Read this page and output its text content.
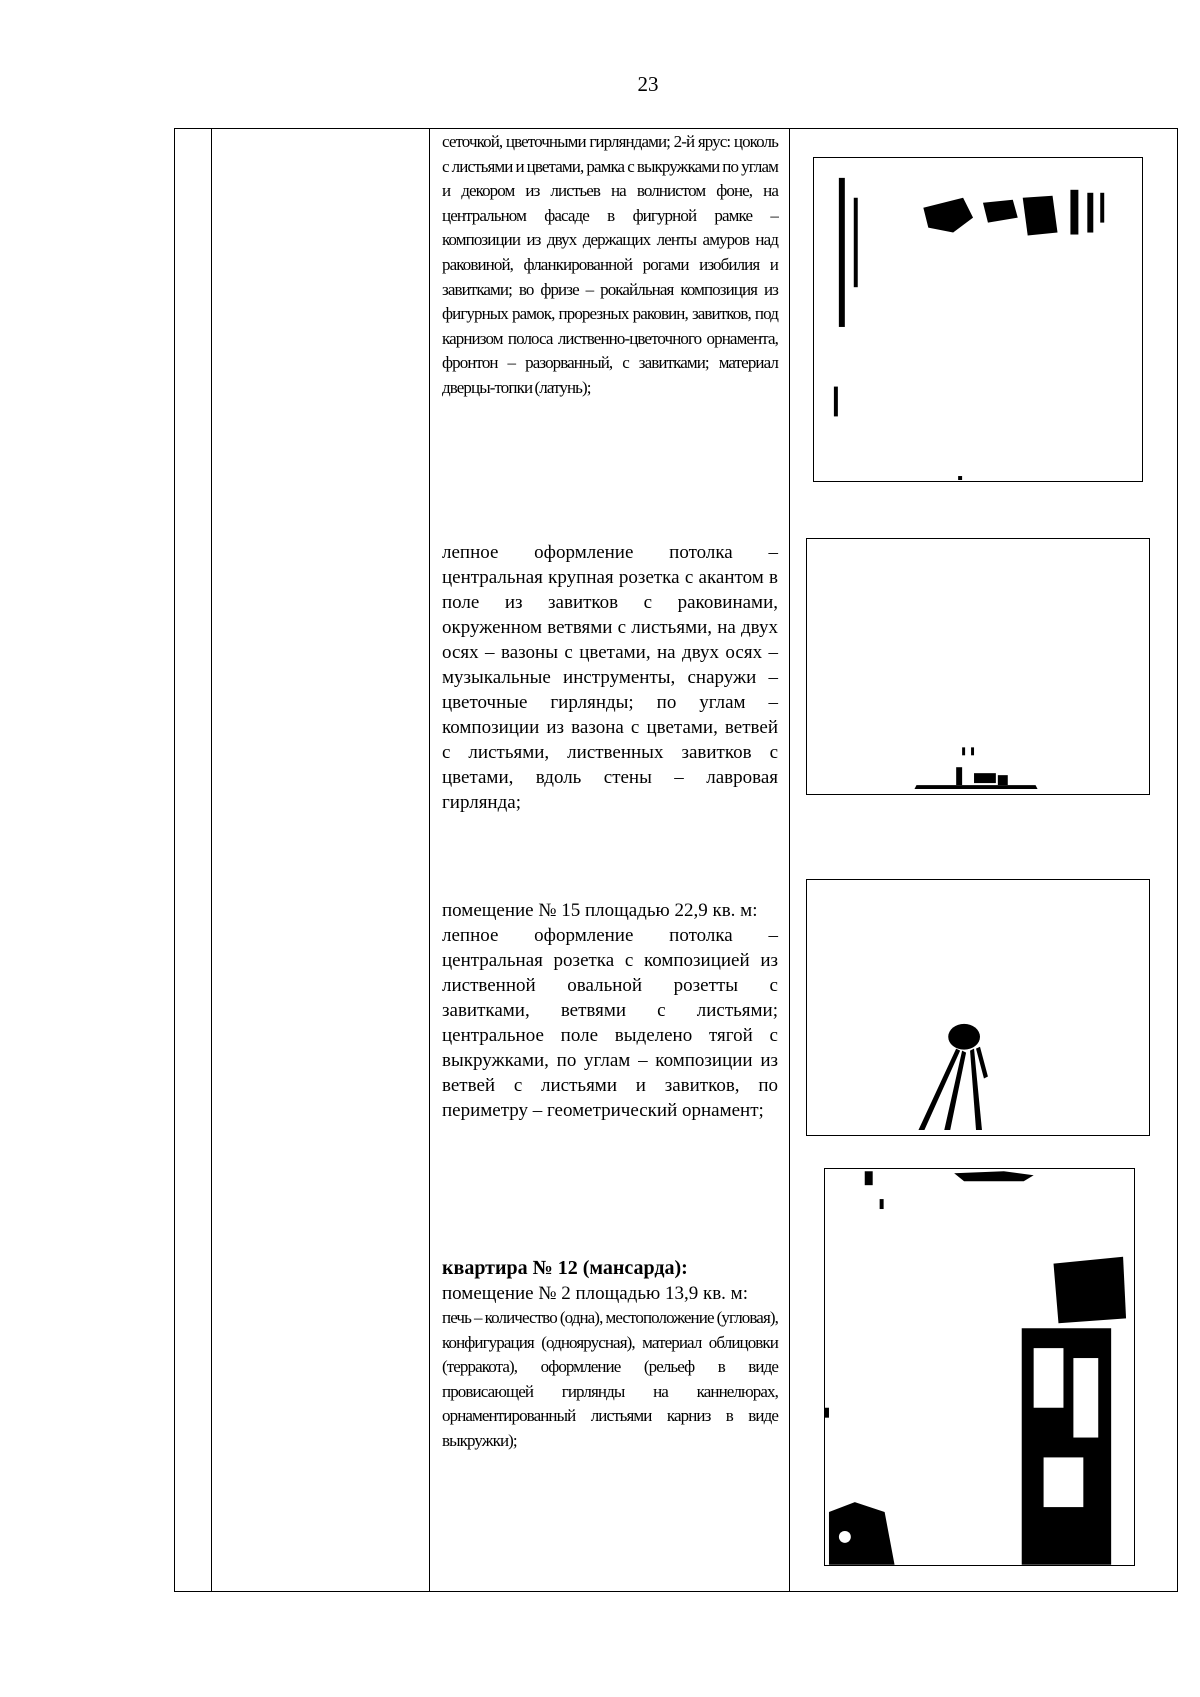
23

сеточкой, цветочными гирляндами; 2-й ярус: цоколь с листьями и цветами, рамка с выкружками по углам и декором из листьев на волнистом фоне, на центральном фасаде в фигурной рамке – композиции из двух держащих ленты амуров над раковиной, фланкированной рогами изобилия и завитками; во фризе – рокайльная композиция из фигурных рамок, прорезных раковин, завитков, под карнизом полоса лиственно-цветочного орнамента, фронтон – разорванный, с завитками; материал дверцы-топки (латунь);

лепное оформление потолка – центральная крупная розетка с акантом в поле из завитков с раковинами, окруженном ветвями с листьями, на двух осях – вазоны с цветами, на двух осях – музыкальные инструменты, снаружи – цветочные гирлянды; по углам – композиции из вазона с цветами, ветвей с листьями, лиственных завитков с цветами, вдоль стены – лавровая гирлянда;

помещение № 15 площадью 22,9 кв. м:

лепное оформление потолка – центральная розетка с композицией из лиственной овальной розетты с завитками, ветвями с листьями; центральное поле выделено тягой с выкружками, по углам – композиции из ветвей с листьями и завитков, по периметру – геометрический орнамент;

квартира № 12 (мансарда):

помещение № 2 площадью 13,9 кв. м:

печь – количество (одна), местоположение (угловая), конфигурация (одноярусная), материал облицовки (терракота), оформление (рельеф в виде провисающей гирлянды на каннелюрах, орнаментированный листьями карниз в виде выкружки);
